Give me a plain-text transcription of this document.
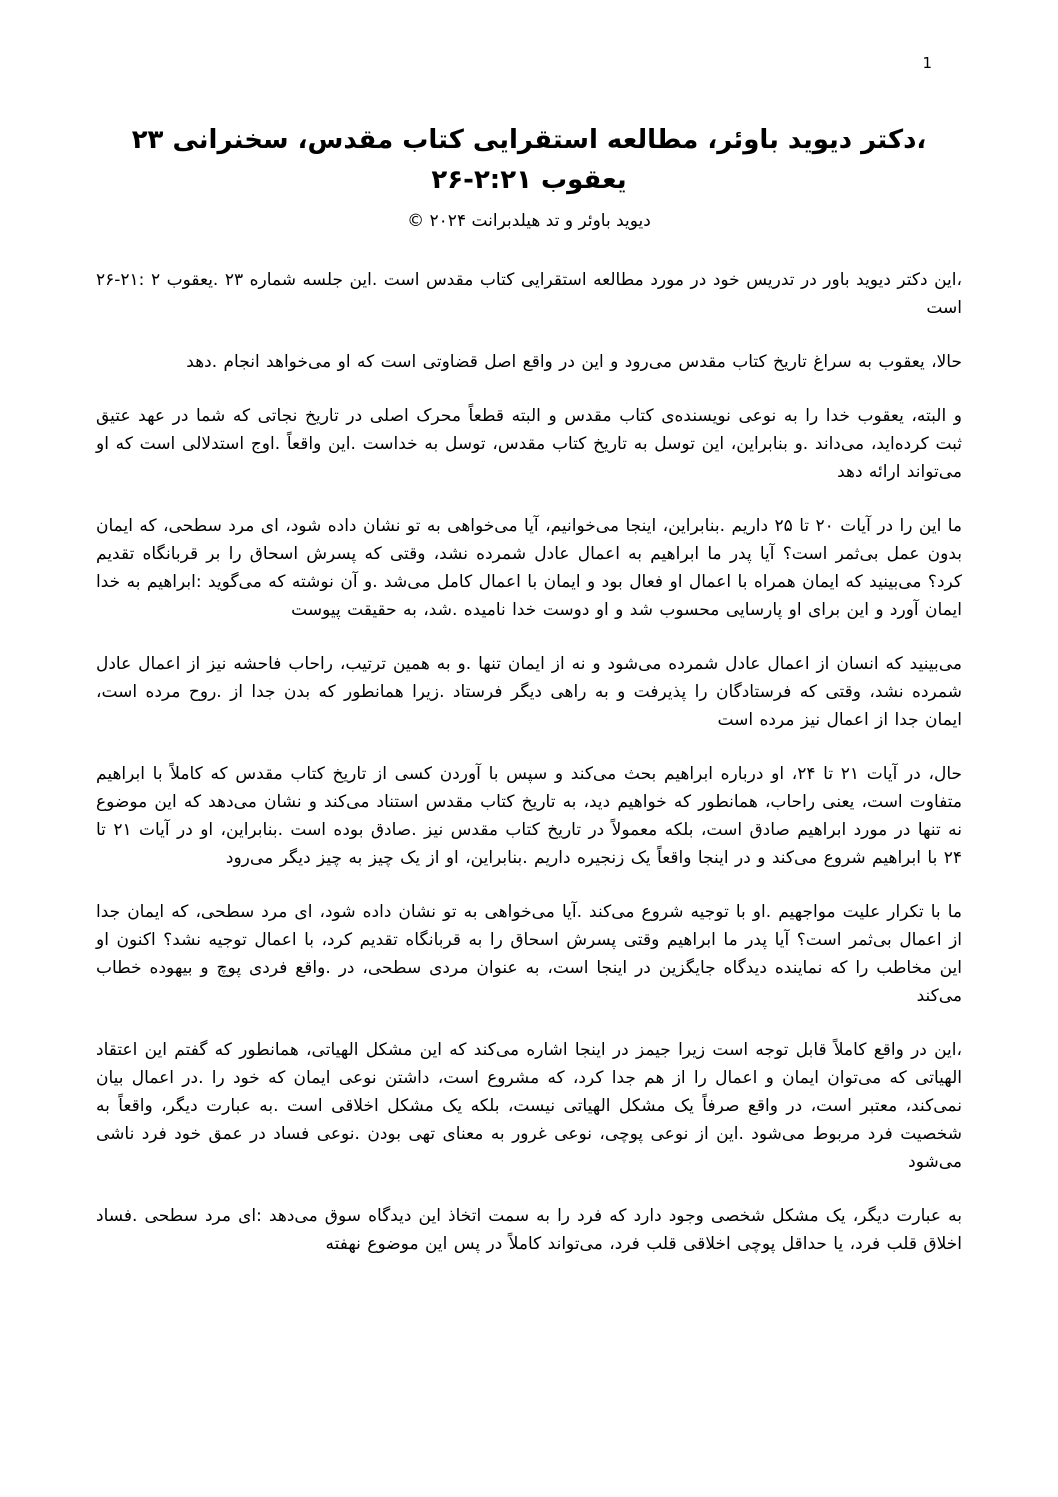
1
،دکتر دیوید باوئر، مطالعه استقرایی کتاب مقدس، سخنرانی ۲۳
یعقوب ۲:۲۱-۲۶
دیوید باوئر و تد هیلدبرانت ۲۰۲۴ ©

،این دکتر دیوید باور در تدریس خود در مورد مطالعه استقرایی کتاب مقدس است .این جلسه شماره ۲۳ .یعقوب ۲ :۲۱-۲۶ است

حالا، یعقوب به سراغ تاریخ کتاب مقدس می‌رود و این در واقع اصل قضاوتی است که او می‌خواهد انجام .دهد

و البته، یعقوب خدا را به نوعی نویسنده‌ی کتاب مقدس و البته قطعاً محرک اصلی در تاریخ نجاتی که شما در عهد عتیق ثبت کرده‌اید، می‌داند .و بنابراین، این توسل به تاریخ کتاب مقدس، توسل به خداست .این واقعاً .اوج استدلالی است که او می‌تواند ارائه دهد

ما این را در آیات ۲۰ تا ۲۵ داریم .بنابراین، اینجا می‌خوانیم، آیا می‌خواهی به تو نشان داده شود، ای مرد سطحی، که ایمان بدون عمل بی‌ثمر است؟ آیا پدر ما ابراهیم به اعمال عادل شمرده نشد، وقتی که پسرش اسحاق را بر قربانگاه تقدیم کرد؟ می‌بینید که ایمان همراه با اعمال او فعال بود و ایمان با اعمال کامل می‌شد .و آن نوشته که می‌گوید :ابراهیم به خدا ایمان آورد و این برای او پارسایی محسوب شد و او دوست خدا نامیده .شد، به حقیقت پیوست

می‌بینید که انسان از اعمال عادل شمرده می‌شود و نه از ایمان تنها .و به همین ترتیب، راحاب فاحشه نیز از اعمال عادل شمرده نشد، وقتی که فرستادگان را پذیرفت و به راهی دیگر فرستاد .زیرا همانطور که بدن جدا از .روح مرده است، ایمان جدا از اعمال نیز مرده است

حال، در آیات ۲۱ تا ۲۴، او درباره ابراهیم بحث می‌کند و سپس با آوردن کسی از تاریخ کتاب مقدس که کاملاً با ابراهیم متفاوت است، یعنی راحاب، همانطور که خواهیم دید، به تاریخ کتاب مقدس استناد می‌کند و نشان می‌دهد که این موضوع نه تنها در مورد ابراهیم صادق است، بلکه معمولاً در تاریخ کتاب مقدس نیز .صادق بوده است .بنابراین، او در آیات ۲۱ تا ۲۴ با ابراهیم شروع می‌کند و در اینجا واقعاً یک زنجیره داریم .بنابراین، او از یک چیز به چیز دیگر می‌رود

ما با تکرار علیت مواجهیم .او با توجیه شروع می‌کند .آیا می‌خواهی به تو نشان داده شود، ای مرد سطحی، که ایمان جدا از اعمال بی‌ثمر است؟ آیا پدر ما ابراهیم وقتی پسرش اسحاق را به قربانگاه تقدیم کرد، با اعمال توجیه نشد؟ اکنون او این مخاطب را که نماینده دیدگاه جایگزین در اینجا است، به عنوان مردی سطحی، در .واقع فردی پوچ و بیهوده خطاب می‌کند

،این در واقع کاملاً قابل توجه است زیرا جیمز در اینجا اشاره می‌کند که این مشکل الهیاتی، همانطور که گفتم این اعتقاد الهیاتی که می‌توان ایمان و اعمال را از هم جدا کرد، که مشروع است، داشتن نوعی ایمان که خود را .در اعمال بیان نمی‌کند، معتبر است، در واقع صرفاً یک مشکل الهیاتی نیست، بلکه یک مشکل اخلاقی است .به عبارت دیگر، واقعاً به شخصیت فرد مربوط می‌شود .این از نوعی پوچی، نوعی غرور به معنای تهی بودن .نوعی فساد در عمق خود فرد ناشی می‌شود

به عبارت دیگر، یک مشکل شخصی وجود دارد که فرد را به سمت اتخاذ این دیدگاه سوق می‌دهد :ای مرد سطحی .فساد اخلاق قلب فرد، یا حداقل پوچی اخلاقی قلب فرد، می‌تواند کاملاً در پس این موضوع نهفته
